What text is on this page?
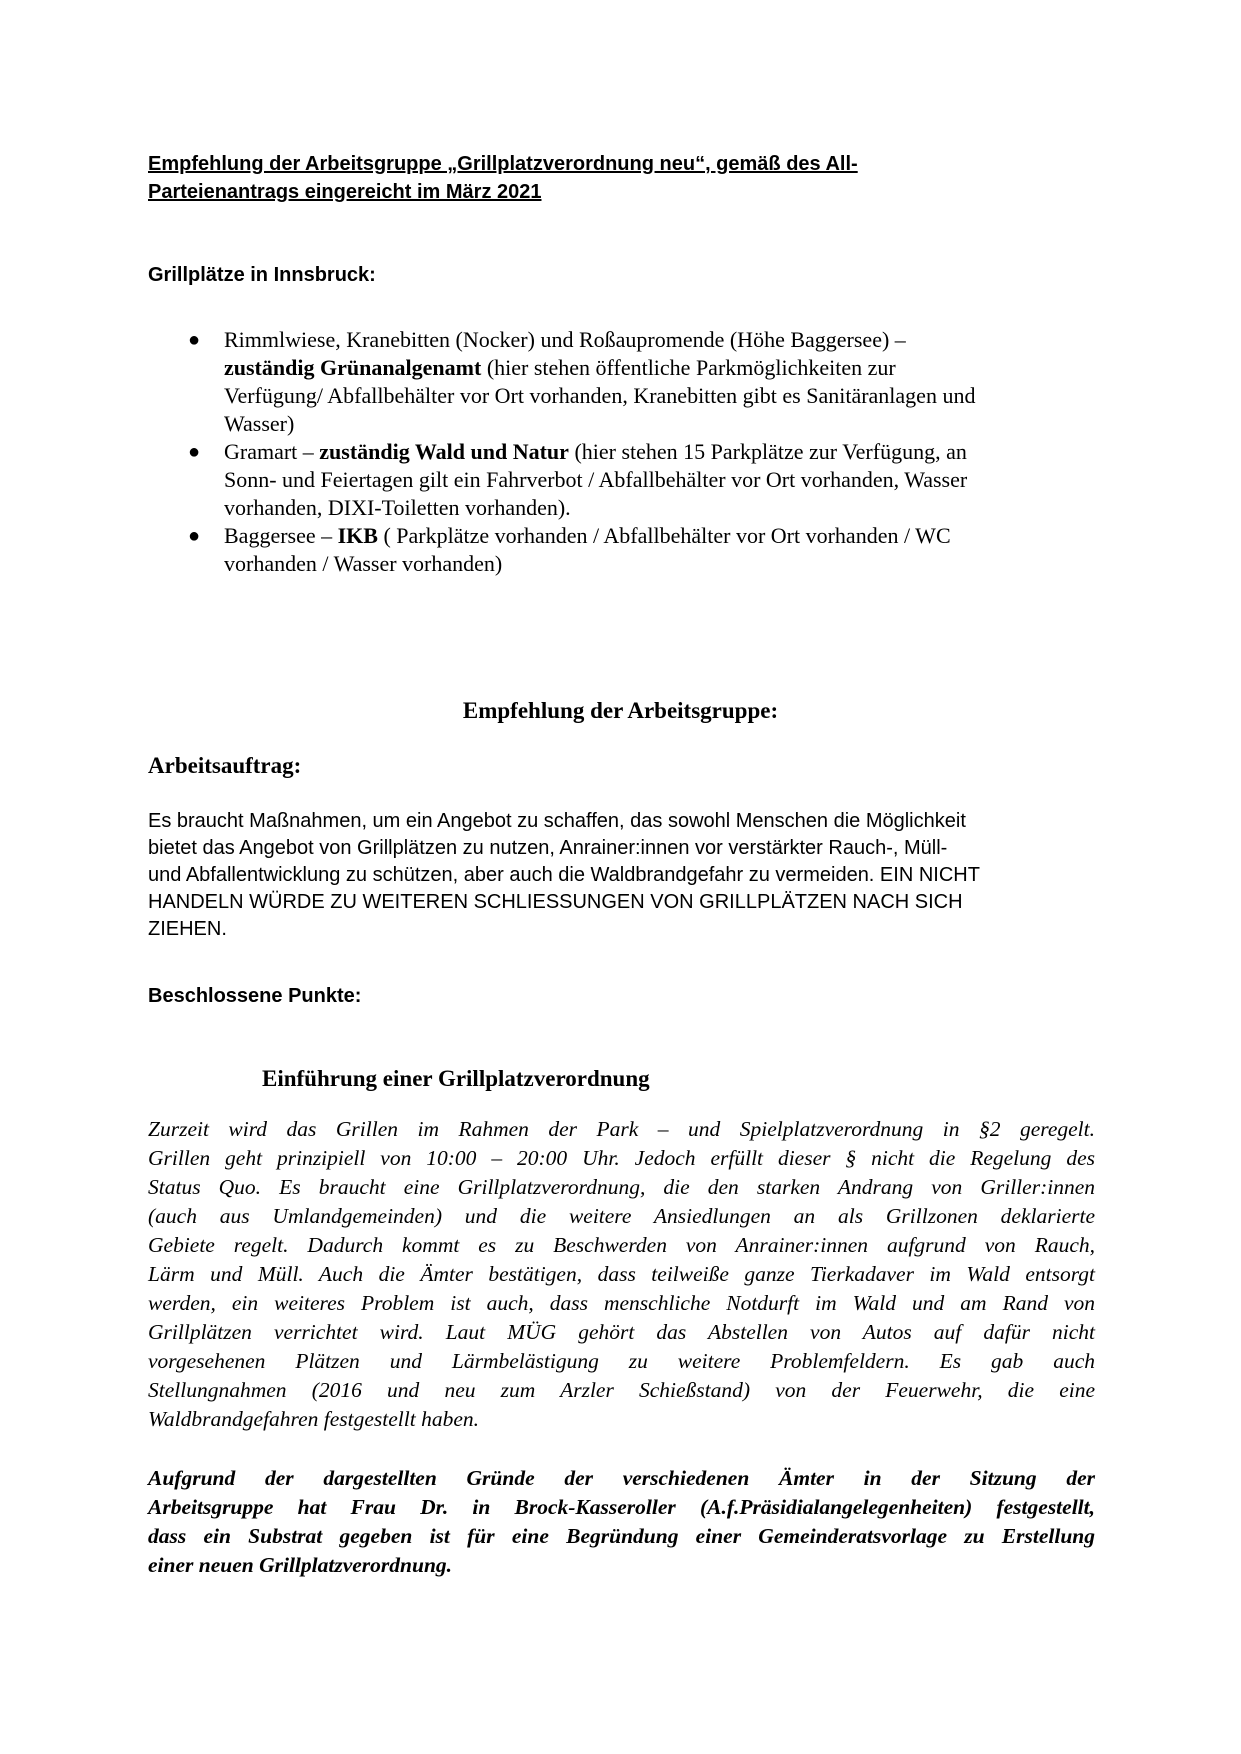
Empfehlung der Arbeitsgruppe „Grillplatzverordnung neu“, gemäß des All-
Parteienantrags eingereicht im März 2021
Grillplätze in Innsbruck:
● Rimmlwiese, Kranebitten (Nocker) und Roßaupromende (Höhe Baggersee) –
zuständig Grünanalgenamt (hier stehen öffentliche Parkmöglichkeiten zur
Verfügung/ Abfallbehälter vor Ort vorhanden, Kranebitten gibt es Sanitäranlagen und
Wasser)
● Gramart – zuständig Wald und Natur (hier stehen 15 Parkplätze zur Verfügung, an
Sonn- und Feiertagen gilt ein Fahrverbot / Abfallbehälter vor Ort vorhanden, Wasser
vorhanden, DIXI-Toiletten vorhanden).
● Baggersee – IKB ( Parkplätze vorhanden / Abfallbehälter vor Ort vorhanden / WC
vorhanden / Wasser vorhanden)
Empfehlung der Arbeitsgruppe:
Arbeitsauftrag:
Es braucht Maßnahmen, um ein Angebot zu schaffen, das sowohl Menschen die Möglichkeit
bietet das Angebot von Grillplätzen zu nutzen, Anrainer:innen vor verstärkter Rauch-, Müll-
und Abfallentwicklung zu schützen, aber auch die Waldbrandgefahr zu vermeiden. EIN NICHT
HANDELN WÜRDE ZU WEITEREN SCHLIESSUNGEN VON GRILLPLÄTZEN NACH SICH
ZIEHEN.
Beschlossene Punkte:
Einführung einer Grillplatzverordnung
Zurzeit wird das Grillen im Rahmen der Park – und Spielplatzverordnung in §2 geregelt.
Grillen geht prinzipiell von 10:00 – 20:00 Uhr. Jedoch erfüllt dieser § nicht die Regelung des
Status Quo. Es braucht eine Grillplatzverordnung, die den starken Andrang von Griller:innen
(auch aus Umlandgemeinden) und die weitere Ansiedlungen an als Grillzonen deklarierte
Gebiete regelt. Dadurch kommt es zu Beschwerden von Anrainer:innen aufgrund von Rauch,
Lärm und Müll. Auch die Ämter bestätigen, dass teilweiße ganze Tierkadaver im Wald entsorgt
werden, ein weiteres Problem ist auch, dass menschliche Notdurft im Wald und am Rand von
Grillplätzen verrichtet wird. Laut MÜG gehört das Abstellen von Autos auf dafür nicht
vorgesehenen Plätzen und Lärmbelästigung zu weitere Problemfeldern. Es gab auch
Stellungnahmen (2016 und neu zum Arzler Schießstand) von der Feuerwehr, die eine
Waldbrandgefahren festgestellt haben.
Aufgrund der dargestellten Gründe der verschiedenen Ämter in der Sitzung der
Arbeitsgruppe hat Frau Dr. in Brock-Kasseroller (A.f.Präsidialangelegenheiten) festgestellt,
dass ein Substrat gegeben ist für eine Begründung einer Gemeinderatsvorlage zu Erstellung
einer neuen Grillplatzverordnung.
